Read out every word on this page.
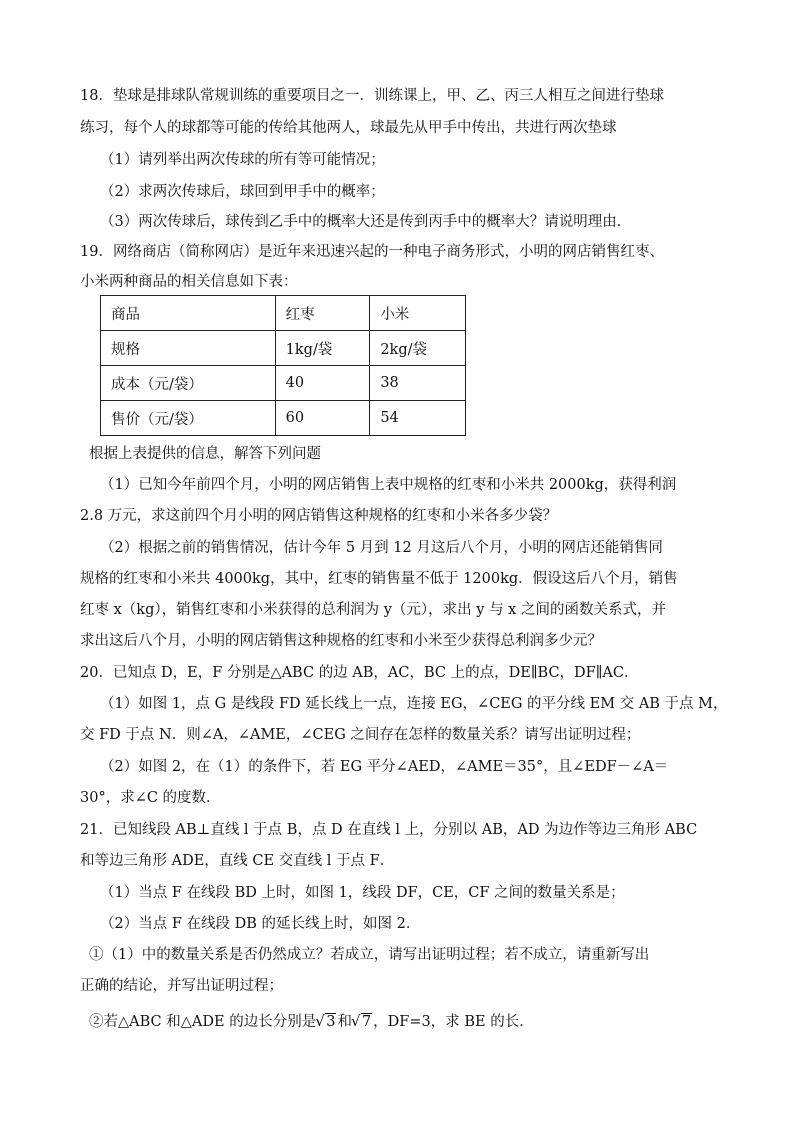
18．垫球是排球队常规训练的重要项目之一．训练课上，甲、乙、丙三人相互之间进行垫球
练习，每个人的球都等可能的传给其他两人，球最先从甲手中传出，共进行两次垫球
（1）请列举出两次传球的所有等可能情况；
（2）求两次传球后，球回到甲手中的概率；
（3）两次传球后，球传到乙手中的概率大还是传到丙手中的概率大？请说明理由．
19．网络商店（简称网店）是近年来迅速兴起的一种电子商务形式，小明的网店销售红枣、
小米两种商品的相关信息如下表：
商品	红枣	小米
规格	1kg/袋	2kg/袋
成本（元/袋）	40	38
售价（元/袋）	60	54
根据上表提供的信息，解答下列问题
（1）已知今年前四个月，小明的网店销售上表中规格的红枣和小米共 2000kg，获得利润
2.8 万元，求这前四个月小明的网店销售这种规格的红枣和小米各多少袋？
（2）根据之前的销售情况，估计今年 5 月到 12 月这后八个月，小明的网店还能销售同
规格的红枣和小米共 4000kg，其中，红枣的销售量不低于 1200kg．假设这后八个月，销售
红枣 x（kg），销售红枣和小米获得的总利润为 y（元），求出 y 与 x 之间的函数关系式，并
求出这后八个月，小明的网店销售这种规格的红枣和小米至少获得总利润多少元？
20．已知点 D，E，F 分别是△ABC 的边 AB，AC，BC 上的点，DE∥BC，DF∥AC．
（1）如图 1，点 G 是线段 FD 延长线上一点，连接 EG，∠CEG 的平分线 EM 交 AB 于点 M，
交 FD 于点 N．则∠A，∠AME，∠CEG 之间存在怎样的数量关系？请写出证明过程；
（2）如图 2，在（1）的条件下，若 EG 平分∠AED，∠AME＝35°，且∠EDF－∠A＝
30°，求∠C 的度数．
21．已知线段 AB⊥直线 l 于点 B，点 D 在直线 l 上，分别以 AB，AD 为边作等边三角形 ABC
和等边三角形 ADE，直线 CE 交直线 l 于点 F．
（1）当点 F 在线段 BD 上时，如图 1，线段 DF，CE，CF 之间的数量关系是；
（2）当点 F 在线段 DB 的延长线上时，如图 2．
①（1）中的数量关系是否仍然成立？若成立，请写出证明过程；若不成立，请重新写出
正确的结论，并写出证明过程；
②若△ABC 和△ADE 的边长分别是 √ 3 和 √ 7 ，DF=3，求 BE 的长．
